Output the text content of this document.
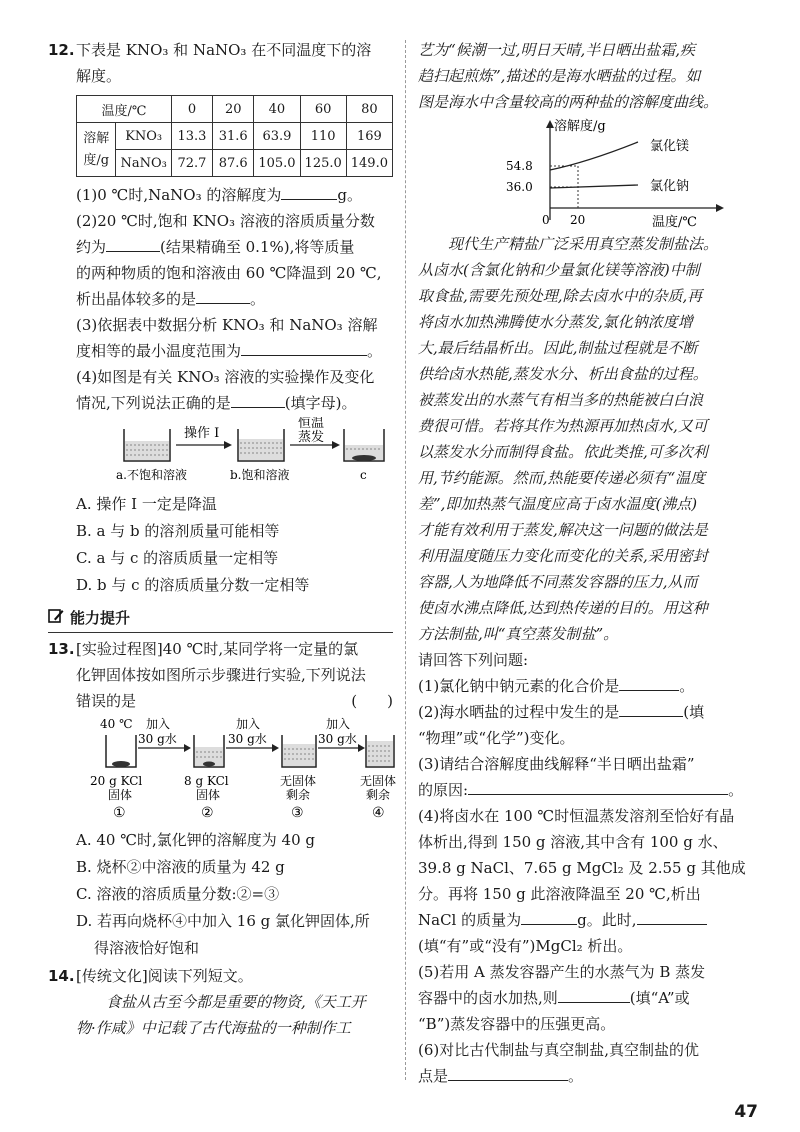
12.下表是 KNO₃ 和 NaNO₃ 在不同温度下的溶
解度。
温度/℃		0	20	40	60	80
溶解
度/g	KNO₃	13.3	31.6	63.9	110	169
	NaNO₃	72.7	87.6	105.0	125.0	149.0
(1)0 ℃时,NaNO₃ 的溶解度为	g。
(2)20 ℃时,饱和 KNO₃ 溶液的溶质质量分数
约为	(结果精确至 0.1%),将等质量
的两种物质的饱和溶液由 60 ℃降温到 20 ℃,
析出晶体较多的是	。
(3)依据表中数据分析 KNO₃ 和 NaNO₃ 溶解
度相等的最小温度范围为	。
(4)如图是有关 KNO₃ 溶液的实验操作及变化
情况,下列说法正确的是	(填字母)。
操作 I
恒温
蒸发
a.不饱和溶液	b.饱和溶液	c
A. 操作 I 一定是降温
B. a 与 b 的溶剂质量可能相等
C. a 与 c 的溶质质量一定相等
D. b 与 c 的溶质质量分数一定相等
能力提升
13.[实验过程图]40 ℃时,某同学将一定量的氯
化钾固体按如图所示步骤进行实验,下列说法
错误的是	(　　)
40 ℃ 加入
30 g水
加入
30 g水
加入
30 g水
20 g KCl
固体
①
8 g KCl
固体
②
无固体
剩余
③
无固体
剩余
④
A. 40 ℃时,氯化钾的溶解度为 40 g
B. 烧杯②中溶液的质量为 42 g
C. 溶液的溶质质量分数:②=③
D. 若再向烧杯④中加入 16 g 氯化钾固体,所
得溶液恰好饱和
14.[传统文化]阅读下列短文。
食盐从古至今都是重要的物资,《天工开
物·作咸》中记载了古代海盐的一种制作工
艺为“候潮一过,明日天晴,半日晒出盐霜,疾
趋扫起煎炼”,描述的是海水晒盐的过程。如
图是海水中含量较高的两种盐的溶解度曲线。
溶解度/g
54.8
36.0
氯化镁
氯化钠
0 20	温度/℃
现代生产精盐广泛采用真空蒸发制盐法。
从卤水(含氯化钠和少量氯化镁等溶液)中制
取食盐,需要先预处理,除去卤水中的杂质,再
将卤水加热沸腾使水分蒸发,氯化钠浓度增
大,最后结晶析出。因此,制盐过程就是不断
供给卤水热能,蒸发水分、析出食盐的过程。
被蒸发出的水蒸气有相当多的热能被白白浪
费很可惜。若将其作为热源再加热卤水,又可
以蒸发水分而制得食盐。依此类推,可多次利
用,节约能源。然而,热能要传递必须有“温度
差”,即加热蒸气温度应高于卤水温度(沸点)
才能有效利用于蒸发,解决这一问题的做法是
利用温度随压力变化而变化的关系,采用密封
容器,人为地降低不同蒸发容器的压力,从而
使卤水沸点降低,达到热传递的目的。用这种
方法制盐,叫“真空蒸发制盐”。
请回答下列问题:
(1)氯化钠中钠元素的化合价是	。
(2)海水晒盐的过程中发生的是	(填
“物理”或“化学”)变化。
(3)请结合溶解度曲线解释“半日晒出盐霜”
的原因:	。
(4)将卤水在 100 ℃时恒温蒸发溶剂至恰好有晶
体析出,得到 150 g 溶液,其中含有 100 g 水、
39.8 g NaCl、7.65 g MgCl₂ 及 2.55 g 其他成
分。再将 150 g 此溶液降温至 20 ℃,析出
NaCl 的质量为	g。此时,
(填“有”或“没有”)MgCl₂ 析出。
(5)若用 A 蒸发容器产生的水蒸气为 B 蒸发
容器中的卤水加热,则	(填“A”或
“B”)蒸发容器中的压强更高。
(6)对比古代制盐与真空制盐,真空制盐的优
点是	。
47
